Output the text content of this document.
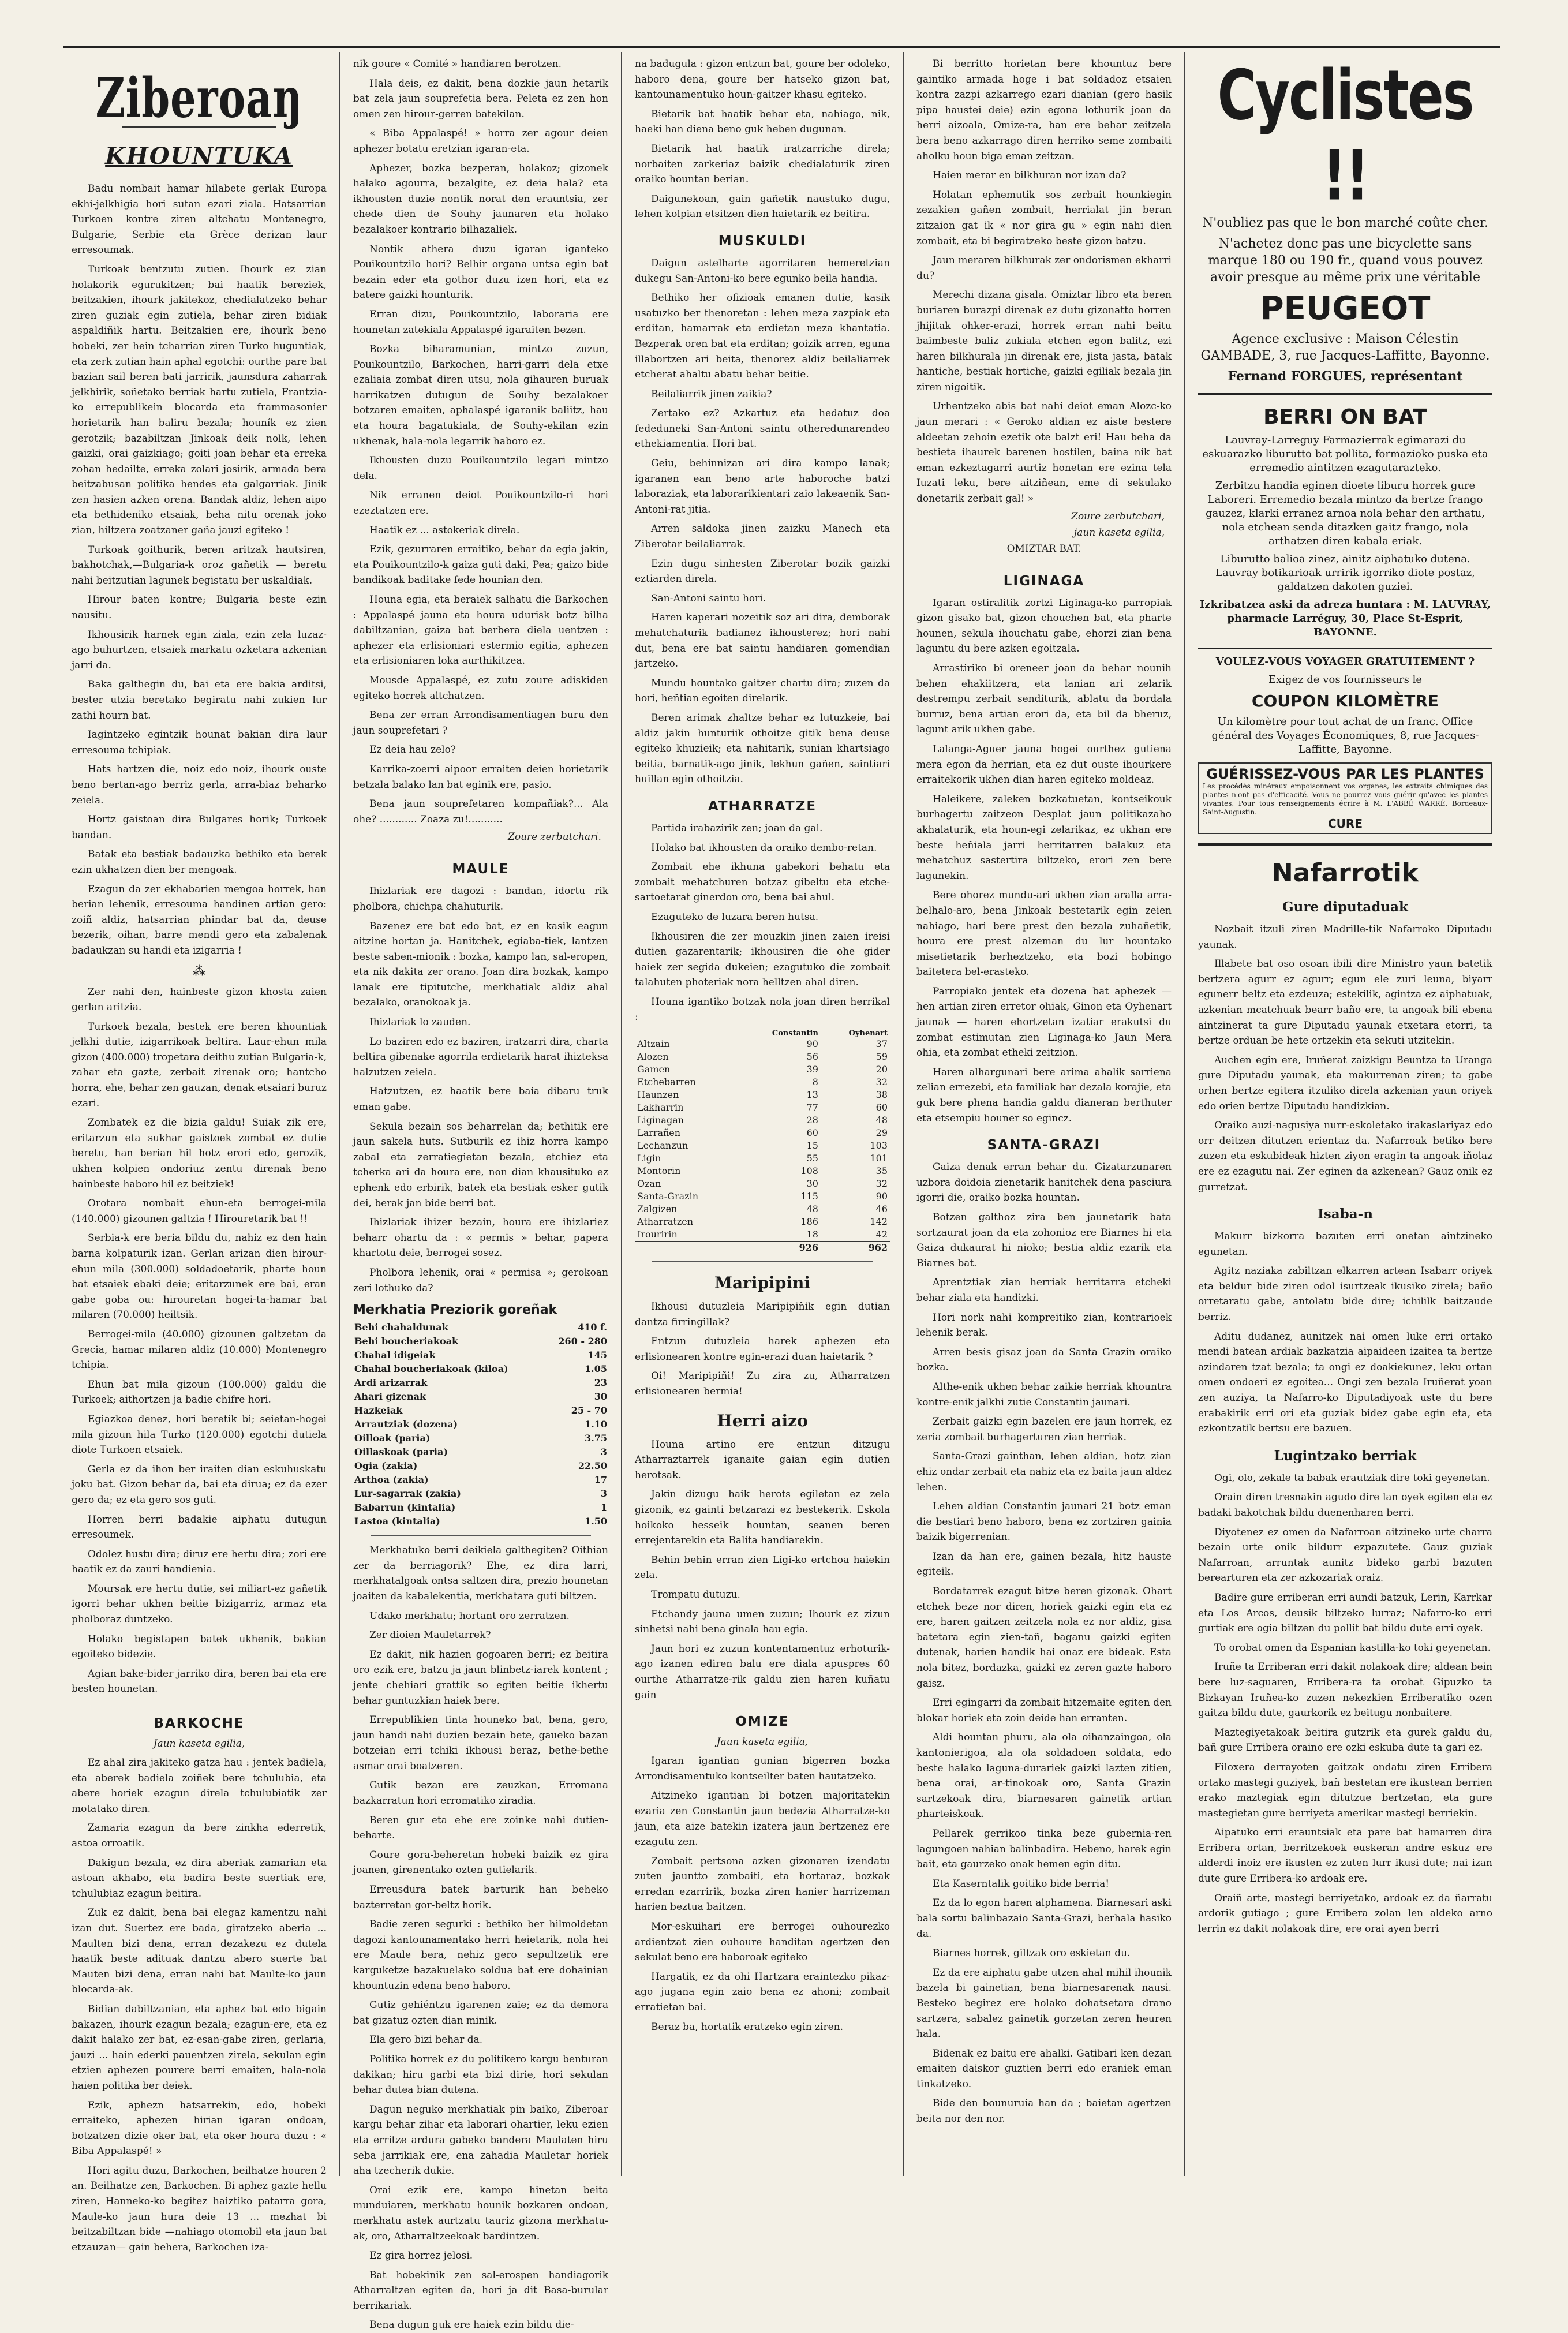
Ziberoaŋ
KHOUNTUKA

Badu nombait hamar hilabete gerlak Europa ekhi-jelkhigia hori sutan ezari ziala. Hatsarrian Turkoen kontre ziren altchatu Montenegro, Bulgarie, Serbie eta Grèce derizan laur erresoumak.

Turkoak bentzutu zutien. Ihourk ez zian holakorik egurukitzen; bai haatik bereziek, beitzakien, ihourk jakitekoz, chedialatzeko behar ziren guziak egin zutiela, behar ziren bidiak aspaldiñik hartu. Beitzakien ere, ihourk beno hobeki, zer hein tcharrian ziren Turko huguntiak, eta zerk zutian hain aphal egotchi: ourthe pare bat bazian sail beren bati jarririk, jaunsdura zaharrak jelkhirik, soñetako berriak hartu zutiela, Frantzia-ko errepublikein blocarda eta frammasonier horietarik han baliru bezala; houník ez zien gerotzik; bazabiltzan Jinkoak deik nolk, lehen gaizki, orai gaizkiago; goiti joan behar eta erreka zohan hedailte, erreka zolari josirik, armada bera beitzabusan politika hendes eta galgarriak. Jinik zen hasien azken orena. Bandak aldiz, lehen aipo eta bethideniko etsaiak, beha nitu orenak joko zian, hiltzera zoatzaner gaña jauzi egiteko !

Turkoak goithurik, beren aritzak hautsiren, bakhotchak,—Bulgaria-k oroz gañetik — beretu nahi beitzutian lagunek begistatu ber uskaldiak.

Hirour baten kontre; Bulgaria beste ezin nausitu.

Ikhousirik harnek egin ziala, ezin zela luzaz-ago buhurtzen, etsaiek markatu ozketara azkenian jarri da.

Baka galthegin du, bai eta ere bakia arditsi, bester utzia beretako begiratu nahi zukien lur zathi hourn bat.

Iagintzeko egintzik hounat bakian dira laur erresouma tchipiak.

Hats hartzen die, noiz edo noiz, ihourk ouste beno bertan-ago berriz gerla, arra-biaz beharko zeiela.

Hortz gaistoan dira Bulgares horik; Turkoek bandan.

Batak eta bestiak badauzka bethiko eta berek ezin ukhatzen dien ber mengoak.

Ezagun da zer ekhabarien mengoa horrek, han berian lehenik, erresouma handinen artian gero: zoiñ aldiz, hatsarrian phindar bat da, deuse bezerik, oihan, barre mendi gero eta zabalenak badaukzan su handi eta izigarria !

⁂

Zer nahi den, hainbeste gizon khosta zaien gerlan aritzia.

Turkoek bezala, bestek ere beren khountiak jelkhi dutie, izigarrikoak beltira. Laur-ehun mila gizon (400.000) tropetara deithu zutian Bulgaria-k, zahar eta gazte, zerbait zirenak oro; hantcho horra, ehe, behar zen gauzan, denak etsaiari buruz ezari.

Zombatek ez die bizia galdu! Suiak zik ere, eritarzun eta sukhar gaistoek zombat ez dutie beretu, han berian hil hotz erori edo, gerozik, ukhen kolpien ondoriuz zentu direnak beno hainbeste haboro hil ez beitziek!

Orotara nombait ehun-eta berrogei-mila (140.000) gizounen galtzia ! Hirouretarik bat !!

Serbia-k ere beria bildu du, nahiz ez den hain barna kolpaturik izan. Gerlan arizan dien hirour-ehun mila (300.000) soldadoetarik, pharte houn bat etsaiek ebaki deie; eritarzunek ere bai, eran gabe goba ou: hirouretan hogei-ta-hamar bat milaren (70.000) heiltsik.

Berrogei-mila (40.000) gizounen galtzetan da Grecia, hamar milaren aldiz (10.000) Montenegro tchipia.

Ehun bat mila gizoun (100.000) galdu die Turkoek; aithortzen ja badie chifre hori.

Egiazkoa denez, hori beretik bi; seietan-hogei mila gizoun hila Turko (120.000) egotchi dutiela diote Turkoen etsaiek.

Gerla ez da ihon ber iraiten dian eskuhuskatu joku bat. Gizon behar da, bai eta dirua; ez da ezer gero da; ez eta gero sos guti.

Horren berri badakie aiphatu dutugun erresoumek.

Odolez hustu dira; diruz ere hertu dira; zori ere haatik ez da zauri handienia.

Moursak ere hertu dutie, sei miliart-ez gañetik igorri behar ukhen beitie bizigarriz, armaz eta pholboraz duntzeko.

Holako begistapen batek ukhenik, bakian egoiteko bidezie.

Agian bake-bider jarriko dira, beren bai eta ere besten hounetan.

BARKOCHE
Jaun kaseta egilia,

Ez ahal zira jakiteko gatza hau : jentek badiela, eta aberek badiela zoiñek bere tchulubia, eta abere horiek ezagun direla tchulubiatik zer motatako diren.

Zamaria ezagun da bere zinkha ederretik, astoa orroatik.

Dakigun bezala, ez dira aberiak zamarian eta astoan akhabo, eta badira beste suertiak ere, tchulubiaz ezagun beitira.

Zuk ez dakit, bena bai elegaz kamentzu nahi izan dut. Suertez ere bada, giratzeko aberia ... Maulten bizi dena, erran dezakezu ez dutela haatik beste adituak dantzu abero suerte bat Mauten bizi dena, erran nahi bat Maulte-ko jaun blocarda-ak.

Bidian dabiltzanian, eta aphez bat edo bigain bakazen, ihourk ezagun bezala; ezagun-ere, eta ez dakit halako zer bat, ez-esan-gabe ziren, gerlaria, jauzi ... hain ederki pauentzen zirela, sekulan egin etzien aphezen pourere berri emaiten, hala-nola haien politika ber deiek.

Ezik, aphezn hatsarrekin, edo, hobeki erraiteko, aphezen hirian igaran ondoan, botzatzen dizie oker bat, eta oker houra duzu : « Biba Appalaspé! »

Hori agitu duzu, Barkochen, beilhatze houren 2 an. Beilhatze zen, Barkochen. Bi aphez gazte hellu ziren, Hanneko-ko begitez haiztiko patarra gora, Maule-ko jaun hura deie 13 ... mezhat bi beitzabiltzan bide —nahiago otomobil eta jaun bat etzauzan— gain behera, Barkochen iza-

nik goure « Comité » handiaren berotzen.

Hala deis, ez dakit, bena dozkie jaun hetarik bat zela jaun souprefetia bera. Peleta ez zen hon omen zen hirour-gerren batekilan.

« Biba Appalaspé! » horra zer agour deien aphezer botatu eretzian igaran-eta.

Aphezer, bozka bezperan, holakoz; gizonek halako agourra, bezalgite, ez deia hala? eta ikhousten duzie nontik norat den erauntsia, zer chede dien de Souhy jaunaren eta holako bezalakoer kontrario bilhazaliek.

Nontik athera duzu igaran iganteko Pouikountzilo hori? Belhir organa untsa egin bat bezain eder eta gothor duzu izen hori, eta ez batere gaizki hounturik.

Erran dizu, Pouikountzilo, laboraria ere hounetan zatekiala Appalaspé igaraiten bezen.

Bozka biharamunian, mintzo zuzun, Pouikountzilo, Barkochen, harri-garri dela etxe ezaliaia zombat diren utsu, nola gihauren buruak harrikatzen dutugun de Souhy bezalakoer botzaren emaiten, aphalaspé igaranik baliitz, hau eta houra bagatukiala, de Souhy-ekilan ezin ukhenak, hala-nola legarrik haboro ez.

Ikhousten duzu Pouikountzilo legari mintzo dela.

Nik erranen deiot Pouikountzilo-ri hori ezeztatzen ere.

Haatik ez ... astokeriak direla.

Ezik, gezurraren erraitiko, behar da egia jakin, eta Pouikountzilo-k gaiza guti daki, Pea; gaizo bide bandikoak baditake fede hounian den.

Houna egia, eta beraiek salhatu die Barkochen : Appalaspé jauna eta houra udurisk botz bilha dabiltzanian, gaiza bat berbera diela uentzen : aphezer eta erlisioniari estermio egitia, aphezen eta erlisioniaren loka aurthikitzea.

Mousde Appalaspé, ez zutu zoure adiskiden egiteko horrek altchatzen.

Bena zer erran Arrondisamentiagen buru den jaun souprefetari ?

Ez deia hau zelo?

Karrika-zoerri aipoor erraiten deien horietarik betzala balako lan bat eginik ere, pasio.

Bena jaun souprefetaren kompañiak?... Ala ohe? ............ Zoaza zu!...........

Zoure zerbutchari.
MAULE

Ihizlariak ere dagozi : bandan, idortu rik pholbora, chichpa chahuturik.

Bazenez ere bat edo bat, ez en kasik eagun aitzine hortan ja. Hanitchek, egiaba-tiek, lantzen beste saben-mionik : bozka, kampo lan, sal-eropen, eta nik dakita zer orano. Joan dira bozkak, kampo lanak ere tipitutche, merkhatiak aldiz ahal bezalako, oranokoak ja.

Ihizlariak lo zauden.

Lo baziren edo ez baziren, iratzarri dira, charta beltira gibenake agorrila erdietarik harat ihizteksa halzutzen zeiela.

Hatzutzen, ez haatik bere baia dibaru truk eman gabe.

Sekula bezain sos beharrelan da; bethitik ere jaun sakela huts. Sutburik ez ihiz horra kampo zabal eta zerratiegietan bezala, etchiez eta tcherka ari da houra ere, non dian khausituko ez ephenk edo erbirik, batek eta bestiak esker gutik dei, berak jan bide berri bat.

Ihizlariak ihizer bezain, houra ere ihizlariez beharr ohartu da : « permis » behar, papera khartotu deie, berrogei sosez.

Pholbora lehenik, orai « permisa »; gerokoan zeri lothuko da?

Merkhatia Preziorik goreñak
Behi chahaldunak	410 f.
Behi boucheriakoak	260 - 280
Chahal idigeiak	145
Chahal boucheriakoak (kiloa)	1.05
Ardi arizarrak	23
Ahari gizenak	30
Hazkeiak	25 - 70
Arrautziak (dozena)	1.10
Oilloak (paria)	3.75
Oillaskoak (paria)	3
Ogia (zakia)	22.50
Arthoa (zakia)	17
Lur-sagarrak (zakia)	3
Babarrun (kintalia)	1
Lastoa (kintalia)	1.50

Merkhatuko berri deikiela galthegiten? Oithian zer da berriagorik? Ehe, ez dira larri, merkhatalgoak ontsa saltzen dira, prezio hounetan joaiten da kabalekentia, merkhatara guti biltzen.

Udako merkhatu; hortant oro zerratzen.

Zer dioien Mauletarrek?

Ez dakit, nik hazien gogoaren berri; ez beitira oro ezik ere, batzu ja jaun blinbetz-iarek kontent ; jente chehiari grattik so egiten beitie ikhertu behar guntuzkian haiek bere.

Errepublikien tinta houneko bat, bena, gero, jaun handi nahi duzien bezain bete, gaueko bazan botzeian erri tchiki ikhousi beraz, bethe-bethe asmar orai boatzeren.

Gutik bezan ere zeuzkan, Erromana bazkarratun hori erromatiko ziradia.

Beren gur eta ehe ere zoinke nahi dutien-beharte.

Goure gora-beheretan hobeki baizik ez gira joanen, girenentako ozten gutielarik.

Erreusdura batek barturik han beheko bazterretan gor-beltz horik.

Badie zeren segurki : bethiko ber hilmoldetan dagozi kantounamentako herri heietarik, nola hei ere Maule bera, nehiz gero sepultzetik ere karguketze bazakuelako soldua bat ere dohainian khountuzin edena beno haboro.

Gutiz gehiéntzu igarenen zaie; ez da demora bat gizatuz ozten dian minik.

Ela gero bizi behar da.

Politika horrek ez du politikero kargu benturan dakikan; hiru garbi eta bizi dirie, hori sekulan behar dutea bian dutena.

Dagun neguko merkhatiak pin baiko, Ziberoar kargu behar zihar eta laborari ohartier, leku ezien eta erritze ardura gabeko bandera Maulaten hiru seba jarrikiak ere, ena zahadia Mauletar horiek aha tzecherik dukie.

Orai ezik ere, kampo hinetan beita munduiaren, merkhatu hounik bozkaren ondoan, merkhatu astek aurtzatu tauriz gizona merkhatu-ak, oro, Atharraltzeekoak bardintzen.

Ez gira horrez jelosi.

Bat hobekinik zen sal-erospen handiagorik Atharraltzen egiten da, hori ja dit Basa-burular berrikariak.

Bena dugun guk ere haiek ezin bildu die-

na badugula : gizon entzun bat, goure ber odoleko, haboro dena, goure ber hatseko gizon bat, kantounamentuko houn-gaitzer khasu egiteko.

Bietarik bat haatik behar eta, nahiago, nik, haeki han diena beno guk heben dugunan.

Bietarik hat haatik iratzarriche direla; norbaiten zarkeriaz baizik chedialaturik ziren oraiko hountan berian.

Daigunekoan, gain gañetik naustuko dugu, lehen kolpian etsitzen dien haietarik ez beitira.

MUSKULDI

Daigun astelharte agorritaren hemeretzian dukegu San-Antoni-ko bere egunko beila handia.

Bethiko her ofizioak emanen dutie, kasik usatuzko ber thenoretan : lehen meza zazpiak eta erditan, hamarrak eta erdietan meza khantatia. Bezperak oren bat eta erditan; goizik arren, eguna illabortzen ari beita, thenorez aldiz beilaliarrek etcherat ahaltu abatu behar beitie.

Beilaliarrik jinen zaikia?

Zertako ez? Azkartuz eta hedatuz doa fededuneki San-Antoni saintu otheredunarendeo ethekiamentia. Hori bat.

Geiu, behinnizan ari dira kampo lanak; igaranen ean beno arte haboroche batzi laboraziak, eta laborarikientari zaio lakeaenik San-Antoni-rat jitia.

Arren saldoka jinen zaizku Manech eta Ziberotar beilaliarrak.

Ezin dugu sinhesten Ziberotar bozik gaizki eztiarden direla.

San-Antoni saintu hori.

Haren kaperari nozeitik soz ari dira, demborak mehatchaturik badianez ikhousterez; hori nahi dut, bena ere bat saintu handiaren gomendian jartzeko.

Mundu hountako gaitzer chartu dira; zuzen da hori, heñtian egoiten direlarik.

Beren arimak zhaltze behar ez lutuzkeie, bai aldiz jakin hunturiik othoitze gitik bena deuse egiteko khuzieik; eta nahitarik, sunian khartsiago beitia, barnatik-ago jinik, lekhun gañen, saintiari huillan egin othoitzia.

ATHARRATZE

Partida irabazirik zen; joan da gal.

Holako bat ikhousten da oraiko dembo-retan.

Zombait ehe ikhuna gabekori behatu eta zombait mehatchuren botzaz gibeltu eta etche-sartoetarat ginerdon oro, bena bai ahul.

Ezaguteko de luzara beren hutsa.

Ikhousiren die zer mouzkin jinen zaien ireisi dutien gazarentarik; ikhousiren die ohe gider haiek zer segida dukeien; ezagutuko die zombait talahuten photeriak nora helltzen ahal diren.

Houna igantiko botzak nola joan diren herrikal :

	Constantin	Oyhenart
Altzain	90	37
Alozen	56	59
Gamen	39	20
Etchebarren	8	32
Haunzen	13	38
Lakharrin	77	60
Liginagan	28	48
Larrañen	60	29
Lechanzun	15	103
Ligin	55	101
Montorin	108	35
Ozan	30	32
Santa-Grazin	115	90
Zalgizen	48	46
Atharratzen	186	142
Irouririn	18	42
	926	962
Maripipini

Ikhousi dutuzleia Maripipiñik egin dutian dantza firringillak?

Entzun dutuzleia harek aphezen eta erlisionearen kontre egin-erazi duan haietarik ?

Oi! Maripipiñi! Zu zira zu, Atharratzen erlisionearen bermia!

Herri aizo

Houna artino ere entzun ditzugu Atharraztarrek iganaite gaian egin dutien herotsak.

Jakin dizugu haik herots egiletan ez zela gizonik, ez gainti betzarazi ez bestekerik. Eskola hoikoko hesseik hountan, seanen beren errejentarekin eta Balita handiarekin.

Behin behin erran zien Ligi-ko ertchoa haiekin zela.

Trompatu dutuzu.

Etchandy jauna umen zuzun; Ihourk ez zizun sinhetsi nahi bena ginala hau egia.

Jaun hori ez zuzun kontentamentuz erhoturik-ago izanen ediren balu ere diala apuspres 60 ourthe Atharratze-rik galdu zien haren kuñatu gain

OMIZE
Jaun kaseta egilia,

Igaran igantian gunian bigerren bozka Arrondisamentuko kontseilter baten hautatzeko.

Aitzineko igantian bi botzen majoritatekin ezaria zen Constantin jaun bedezia Atharratze-ko jaun, eta aize batekin izatera jaun bertzenez ere ezagutu zen.

Zombait pertsona azken gizonaren izendatu zuten jauntto zombaiti, eta hortaraz, bozkak erredan ezarririk, bozka ziren hanier harrizeman harien beztua baitzen.

Mor-eskuihari ere berrogei ouhourezko ardientzat zien ouhoure handitan agertzen den sekulat beno ere haboroak egiteko

Hargatik, ez da ohi Hartzara eraintezko pikaz-ago jugana egin zaio bena ez ahoni; zombait erratietan bai.

Beraz ba, hortatik eratzeko egin ziren.

Bi berritto horietan bere khountuz bere gaintiko armada hoge i bat soldadoz etsaien kontra zazpi azkarrego ezari dianian (gero hasik pipa haustei deie) ezin egona lothurik joan da herri aizoala, Omize-ra, han ere behar zeitzela bera beno azkarrago diren herriko seme zombaiti aholku houn biga eman zeitzan.

Haien merar en bilkhuran nor izan da?

Holatan ephemutik sos zerbait hounkiegin zezakien gañen zombait, herrialat jin beran zitzaion gat ik « nor gira gu » egin nahi dien zombait, eta bi begiratzeko beste gizon batzu.

Jaun meraren bilkhurak zer ondorismen ekharri du?

Merechi dizana gisala. Omiztar libro eta beren buriaren burazpi direnak ez dutu gizonatto horren jhijitak ohker-erazi, horrek erran nahi beitu baimbeste baliz zukiala etchen egon balitz, ezi haren bilkhurala jin direnak ere, jista jasta, batak hantiche, bestiak hortiche, gaizki egiliak bezala jin ziren nigoitik.

Urhentzeko abis bat nahi deiot eman Alozc-ko jaun merari : « Geroko aldian ez aiste bestere aldeetan zehoin ezetik ote balzt eri! Hau beha da bestieta ihaurek barenen hostilen, baina nik bat eman ezkeztagarri aurtiz honetan ere ezina tela Iuzati leku, bere aitziñean, eme di sekulako donetarik zerbait gal! »

Zoure zerbutchari,
jaun kaseta egilia,
OMIZTAR BAT.
LIGINAGA

Igaran ostiralitik zortzi Liginaga-ko parropiak gizon gisako bat, gizon chouchen bat, eta pharte hounen, sekula ihouchatu gabe, ehorzi zian bena laguntu du bere azken egoitzala.

Arrastiriko bi oreneer joan da behar nounih behen ehakiitzera, eta lanian ari zelarik destrempu zerbait senditurik, ablatu da bordala burruz, bena artian erori da, eta bil da bheruz, lagunt arik ukhen gabe.

Lalanga-Aguer jauna hogei ourthez gutiena mera egon da herrian, eta ez dut ouste ihourkere erraitekorik ukhen dian haren egiteko moldeaz.

Haleikere, zaleken bozkatuetan, kontseikouk burhagertu zaitzeon Desplat jaun politikazaho akhalaturik, eta houn-egi zelarikaz, ez ukhan ere beste heñiala jarri herritarren balakuz eta mehatchuz sastertira biltzeko, erori zen bere lagunekin.

Bere ohorez mundu-ari ukhen zian aralla arra-belhalo-aro, bena Jinkoak bestetarik egin zeien nahiago, hari bere prest den bezala zuhañetik, houra ere prest alzeman du lur hountako misetietarik berheztzeko, eta bozi hobingo baitetera bel-erasteko.

Parropiako jentek eta dozena bat aphezek — hen artian ziren erretor ohiak, Ginon eta Oyhenart jaunak — haren ehortzetan izatiar erakutsi du zombat estimutan zien Liginaga-ko Jaun Mera ohia, eta zombat etheki zeitzion.

Haren alhargunari bere arima ahalik sarriena zelian errezebi, eta familiak har dezala korajie, eta guk bere phena handia galdu dianeran berthuter eta etsempiu houner so egincz.

SANTA-GRAZI

Gaiza denak erran behar du. Gizatarzunaren uzbora doidoia zienetarik hanitchek dena pasciura igorri die, oraiko bozka hountan.

Botzen galthoz zira ben jaunetarik bata sortzaurat joan da eta zohonioz ere Biarnes hi eta Gaiza dukaurat hi nioko; bestia aldiz ezarik eta Biarnes bat.

Aprentztiak zian herriak herritarra etcheki behar ziala eta handizki.

Hori nork nahi kompreitiko zian, kontrarioek lehenik berak.

Arren besis gisaz joan da Santa Grazin oraiko bozka.

Althe-enik ukhen behar zaikie herriak khountra kontre-enik jalkhi zutie Constantin jaunari.

Zerbait gaizki egin bazelen ere jaun horrek, ez zeria zombait burhagerturen zian herriak.

Santa-Grazi gainthan, lehen aldian, hotz zian ehiz ondar zerbait eta nahiz eta ez baita jaun aldez lehen.

Lehen aldian Constantin jaunari 21 botz eman die bestiari beno haboro, bena ez zortziren gainia baizik bigerrenian.

Izan da han ere, gainen bezala, hitz hauste egiteik.

Bordatarrek ezagut bitze beren gizonak. Ohart etchek beze nor diren, horiek gaizki egin eta ez ere, haren gaitzen zeitzela nola ez nor aldiz, gisa batetara egin zien-tañ, baganu gaizki egiten dutenak, harien handik hai onaz ere bideak. Esta nola bitez, bordazka, gaizki ez zeren gazte haboro gaisz.

Erri egingarri da zombait hitzemaite egiten den blokar horiek eta zoin deide han erranten.

Aldi hountan phuru, ala ola oihanzaingoa, ola kantonierigoa, ala ola soldadoen soldata, edo beste halako laguna-durariek gaizki lazten zitien, bena orai, ar-tinokoak oro, Santa Grazin sartzekoak dira, biarnesaren gainetik artian pharteiskoak.

Pellarek gerrikoo tinka beze gubernia-ren lagungoen nahian balinbadira. Hebeno, harek egin bait, eta gaurzeko onak hemen egin ditu.

Eta Kaserntalik goitiko bide berria!

Ez da lo egon haren alphamena. Biarnesari aski bala sortu balinbazaio Santa-Grazi, berhala hasiko da.

Biarnes horrek, giltzak oro eskietan du.

Ez da ere aiphatu gabe utzen ahal mihil ihounik bazela bi gainetian, bena biarnesarenak nausi. Besteko begirez ere holako dohatsetara drano sartzera, sabalez gainetik gorzetan zeren heuren hala.

Bidenak ez baitu ere ahalki. Gatibari ken dezan emaiten daiskor guztien berri edo eraniek eman tinkatzeko.

Bide den bounuruia han da ; baietan agertzen beita nor den nor.

Cyclistes !!

N'oubliez pas que le bon marché coûte cher.

N'achetez donc pas une bicyclette sans marque 180 ou 190 fr., quand vous pouvez avoir presque au même prix une véritable

PEUGEOT

Agence exclusive : Maison Célestin GAMBADE, 3, rue Jacques-Laffitte, Bayonne.

Fernand FORGUES, représentant

BERRI ON BAT

Lauvray-Larreguy Farmazierrak egimarazi du eskuarazko liburutto bat pollita, formazioko puska eta erremedio aintitzen ezagutarazteko.

Zerbitzu handia eginen dioete liburu horrek gure Laboreri. Erremedio bezala mintzo da bertze frango gauzez, klarki erranez arnoa nola behar den arthatu, nola etchean senda ditazken gaitz frango, nola arthatzen diren kabala eriak.

Liburutto balioa zinez, ainitz aiphatuko dutena. Lauvray botikarioak urririk igorriko diote postaz, galdatzen dakoten guziei.

Izkribatzea aski da adreza huntara : M. LAUVRAY, pharmacie Larréguy, 30, Place St-Esprit, BAYONNE.

VOULEZ-VOUS VOYAGER GRATUITEMENT ?

Exigez de vos fournisseurs le

COUPON KILOMÈTRE

Un kilomètre pour tout achat de un franc. Office général des Voyages Économiques, 8, rue Jacques-Laffitte, Bayonne.

GUÉRISSEZ-VOUS PAR LES PLANTES
Les procédés minéraux empoisonnent vos organes, les extraits chimiques des plantes n'ont pas d'efficacité. Vous ne pourrez vous guérir qu'avec les plantes vivantes. Pour tous renseignements écrire à M. L'ABBÉ WARRÉ, Bordeaux-Saint-Augustin.
CURE
Nafarrotik
Gure diputaduak

Nozbait itzuli ziren Madrille-tik Nafarroko Diputadu yaunak.

Illabete bat oso osoan ibili dire Ministro yaun batetik bertzera agurr ez agurr; egun ele zuri leuna, biyarr egunerr beltz eta ezdeuza; estekilik, agintza ez aiphatuak, azkenian mcatchuak bearr baño ere, ta angoak bili ebena aintzinerat ta gure Diputadu yaunak etxetara etorri, ta bertze orduan be hete ortzekin eta sekuti utzitekin.

Auchen egin ere, Iruñerat zaizkigu Beuntza ta Uranga gure Diputadu yaunak, eta makurrenan ziren; ta gabe orhen bertze egitera itzuliko direla azkenian yaun oriyek edo orien bertze Diputadu handizkian.

Oraiko auzi-nagusiya nurr-eskoletako irakaslariyaz edo orr deitzen ditutzen erientaz da. Nafarroak betiko bere zuzen eta eskubideak hizten ziyon eragin ta angoak iñolaz ere ez ezagutu nai. Zer eginen da azkenean? Gauz onik ez gurretzat.

Isaba-n

Makurr bizkorra bazuten erri onetan aintzineko egunetan.

Agitz naziaka zabiltzan elkarren artean Isabarr oriyek eta beldur bide ziren odol isurtzeak ikusiko zirela; baño orretaratu gabe, antolatu bide dire; ichililk baitzaude berriz.

Aditu dudanez, aunitzek nai omen luke erri ortako mendi batean ardiak bazkatzia aipaideen izaitea ta bertze azindaren tzat bezala; ta ongi ez doakiekunez, leku ortan omen ondoeri ez egoitea... Ongi zen bezala Iruñerat yoan zen auziya, ta Nafarro-ko Diputadiyoak uste du bere erabakirik erri ori eta guziak bidez gabe egin eta, eta ezkontzatik bertsu ere bazuen.

Lugintzako berriak

Ogi, olo, zekale ta babak erautziak dire toki geyenetan.

Orain diren tresnakin agudo dire lan oyek egiten eta ez badaki bakotchak bildu duenenharen berri.

Diyotenez ez omen da Nafarroan aitzineko urte charra bezain urte onik bildurr ezpazutete. Gauz guziak Nafarroan, arruntak aunitz bideko garbi bazuten berearturen eta zer azkozariak oraiz.

Badire gure erriberan erri aundi batzuk, Lerin, Karrkar eta Los Arcos, deusik biltzeko lurraz; Nafarro-ko erri gurtiak ere ogia biltzen du pollit bat bildu dute erri oyek.

To orobat omen da Espanian kastilla-ko toki geyenetan.

Iruñe ta Erriberan erri dakit nolakoak dire; aldean bein bere luz-saguaren, Erribera-ra ta orobat Gipuzko ta Bizkayan Iruñea-ko zuzen nekezkien Erriberatiko ozen gaitza bildu dute, gaurkorik ez beitugu nonbaitere.

Maztegiyetakoak beitira gutzrik eta gurek galdu du, bañ gure Erribera oraino ere ozki eskuba dute ta gari ez.

Filoxera derrayoten gaitzak ondatu ziren Erribera ortako mastegi guziyek, bañ bestetan ere ikustean berrien erako maztegiak egin ditutzue bertzetan, eta gure mastegietan gure berriyeta amerikar mastegi berriekin.

Aipatuko erri erauntsiak eta pare bat hamarren dira Erribera ortan, berritzekoek euskeran andre eskuz ere alderdi inoiz ere ikusten ez zuten lurr ikusi dute; nai izan dute gure Erribera-ko ardoak ere.

Oraiñ arte, mastegi berriyetako, ardoak ez da ñarratu ardorik gutiago ; gure Erribera zolan len aldeko arno lerrin ez dakit nolakoak dire, ere orai ayen berri
